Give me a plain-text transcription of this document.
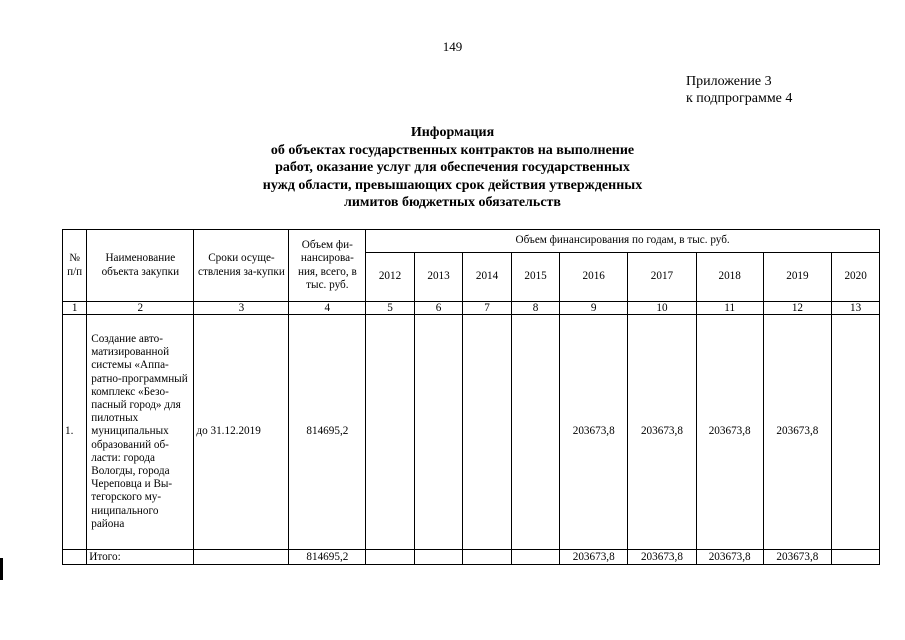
149
Приложение 3
к подпрограмме 4
Информация
об объектах государственных контрактов на выполнение
работ, оказание услуг для обеспечения государственных
нужд области, превышающих срок действия утвержденных
лимитов бюджетных обязательств
№ п/п	Наименование объекта закупки	Сроки осуще-ствления за-купки	Объем фи-нансирова-ния, всего, в тыс. руб.	Объем финансирования по годам, в тыс. руб.								
				2012	2013	2014	2015	2016	2017	2018	2019	2020
1	2	3	4	5	6	7	8	9	10	11	12	13
1.	Создание авто-матизированной системы «Аппа-ратно-программный комплекс «Безо-пасный город» для пилотных муниципальных образований об-ласти: города Вологды, города Череповца и Вы-тегорского му-ниципального района	до 31.12.2019	814695,2					203673,8	203673,8	203673,8	203673,8	
	Итого:		814695,2					203673,8	203673,8	203673,8	203673,8	
